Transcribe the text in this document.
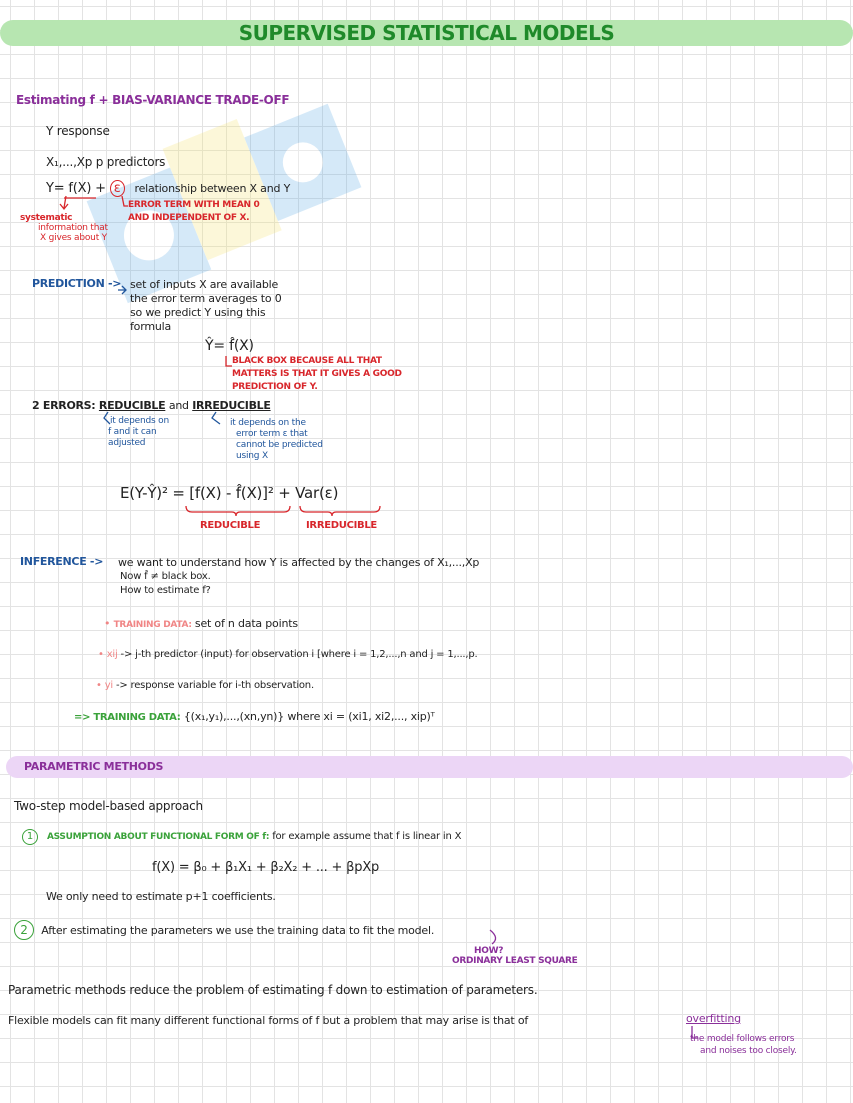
SUPERVISED STATISTICAL MODELS
Estimating f + BIAS-VARIANCE TRADE-OFF
Y response
X₁,...,Xp p predictors
Y= f(X) + ε relationship between X and Y
systematic
information that
X gives about Y
ERROR TERM WITH MEAN 0
AND INDEPENDENT OF X.
PREDICTION -> set of inputs X are available
the error term averages to 0
so we predict Y using this
formula
Ŷ= f̂(X)
BLACK BOX BECAUSE ALL THAT
MATTERS IS THAT IT GIVES A GOOD
PREDICTION OF Y.
2 ERRORS: REDUCIBLE and IRREDUCIBLE
it depends on
f and it can
adjusted
it depends on the
error term ε that
cannot be predicted
using X
E(Y-Ŷ)² = [f(X) - f̂(X)]² + Var(ε)
REDUCIBLE	IRREDUCIBLE
INFERENCE -> we want to understand how Y is affected by the changes of X₁,...,Xp
Now f̂ ≠ black box.
How to estimate f?
• TRAINING DATA: set of n data points
• xij -> j-th predictor (input) for observation i [where i = 1,2,...,n and j = 1,...,p.
• yi -> response variable for i-th observation.
=> TRAINING DATA: {(x₁,y₁),...,(xn,yn)} where xi = (xi1, xi2,..., xip)ᵀ
PARAMETRIC METHODS
Two-step model-based approach
1 ASSUMPTION ABOUT FUNCTIONAL FORM OF f: for example assume that f is linear in X
f(X) = β₀ + β₁X₁ + β₂X₂ + ... + βpXp
We only need to estimate p+1 coefficients.
2 After estimating the parameters we use the training data to fit the model.
HOW?
ORDINARY LEAST SQUARE
Parametric methods reduce the problem of estimating f down to estimation of parameters.
Flexible models can fit many different functional forms of f but a problem that may arise is that of	overfitting
the model follows errors
and noises too closely.
